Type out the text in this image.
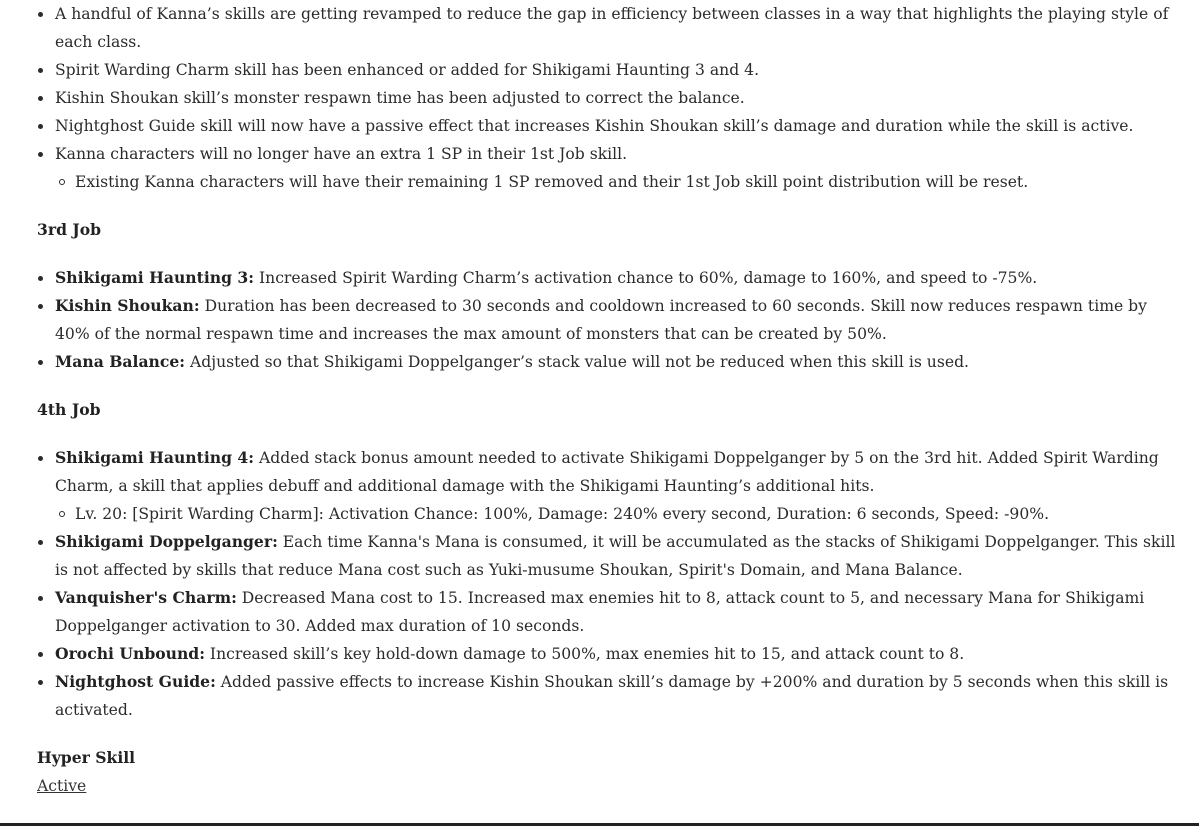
A handful of Kanna’s skills are getting revamped to reduce the gap in efficiency between classes in a way that highlights the playing style of each class.
Spirit Warding Charm skill has been enhanced or added for Shikigami Haunting 3 and 4.
Kishin Shoukan skill’s monster respawn time has been adjusted to correct the balance.
Nightghost Guide skill will now have a passive effect that increases Kishin Shoukan skill’s damage and duration while the skill is active.
Kanna characters will no longer have an extra 1 SP in their 1st Job skill.
Existing Kanna characters will have their remaining 1 SP removed and their 1st Job skill point distribution will be reset.

3rd Job

Shikigami Haunting 3: Increased Spirit Warding Charm’s activation chance to 60%, damage to 160%, and speed to -75%.
Kishin Shoukan: Duration has been decreased to 30 seconds and cooldown increased to 60 seconds. Skill now reduces respawn time by 40% of the normal respawn time and increases the max amount of monsters that can be created by 50%.
Mana Balance: Adjusted so that Shikigami Doppelganger’s stack value will not be reduced when this skill is used.

4th Job

Shikigami Haunting 4: Added stack bonus amount needed to activate Shikigami Doppelganger by 5 on the 3rd hit. Added Spirit Warding Charm, a skill that applies debuff and additional damage with the Shikigami Haunting’s additional hits.
Lv. 20: [Spirit Warding Charm]: Activation Chance: 100%, Damage: 240% every second, Duration: 6 seconds, Speed: -90%.
Shikigami Doppelganger: Each time Kanna's Mana is consumed, it will be accumulated as the stacks of Shikigami Doppelganger. This skill is not affected by skills that reduce Mana cost such as Yuki-musume Shoukan, Spirit's Domain, and Mana Balance.
Vanquisher's Charm: Decreased Mana cost to 15. Increased max enemies hit to 8, attack count to 5, and necessary Mana for Shikigami Doppelganger activation to 30. Added max duration of 10 seconds.
Orochi Unbound: Increased skill’s key hold-down damage to 500%, max enemies hit to 15, and attack count to 8.
Nightghost Guide: Added passive effects to increase Kishin Shoukan skill’s damage by +200% and duration by 5 seconds when this skill is activated.

Hyper Skill

Active
